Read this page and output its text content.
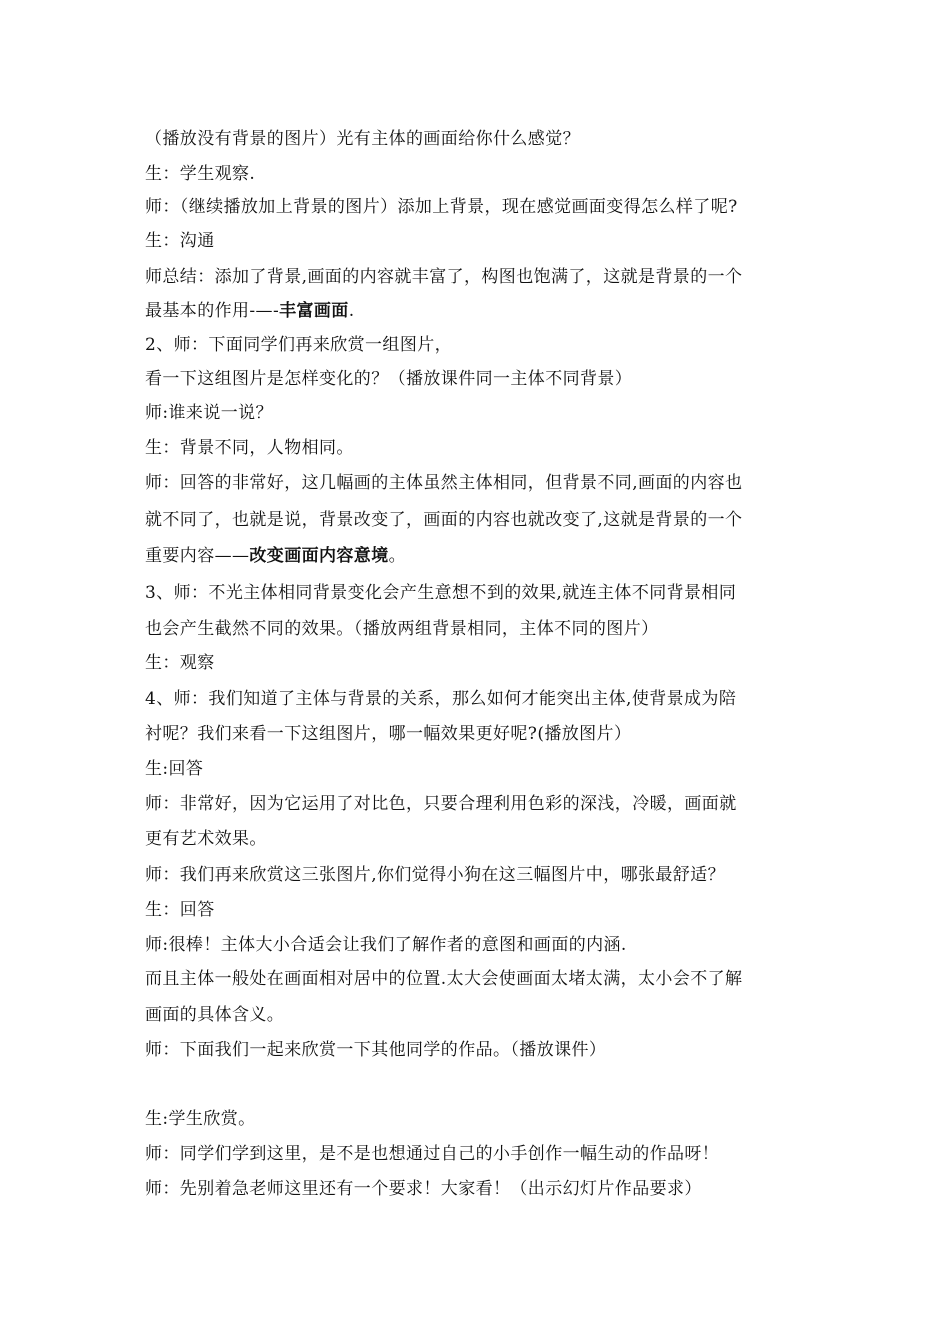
（播放没有背景的图片）光有主体的画面给你什么感觉？
生：学生观察.
师：（继续播放加上背景的图片）添加上背景，现在感觉画面变得怎么样了呢?
生：沟通
师总结：添加了背景,画面的内容就丰富了，构图也饱满了，这就是背景的一个
最基本的作用-—-丰富画面.
2、师：下面同学们再来欣赏一组图片，
看一下这组图片是怎样变化的？（播放课件同一主体不同背景）
师:谁来说一说？
生：背景不同，人物相同。
师：回答的非常好，这几幅画的主体虽然主体相同，但背景不同,画面的内容也
就不同了，也就是说，背景改变了，画面的内容也就改变了,这就是背景的一个
重要内容——改变画面内容意境。
3、师：不光主体相同背景变化会产生意想不到的效果,就连主体不同背景相同
也会产生截然不同的效果。（播放两组背景相同，主体不同的图片）
生：观察
4、师：我们知道了主体与背景的关系，那么如何才能突出主体,使背景成为陪
衬呢？我们来看一下这组图片，哪一幅效果更好呢?(播放图片）
生:回答
师：非常好，因为它运用了对比色，只要合理利用色彩的深浅，冷暖，画面就
更有艺术效果。
师：我们再来欣赏这三张图片,你们觉得小狗在这三幅图片中，哪张最舒适？
生：回答
师:很棒！主体大小合适会让我们了解作者的意图和画面的内涵.
而且主体一般处在画面相对居中的位置.太大会使画面太堵太满，太小会不了解
画面的具体含义。
师：下面我们一起来欣赏一下其他同学的作品。（播放课件）
生:学生欣赏。
师：同学们学到这里，是不是也想通过自己的小手创作一幅生动的作品呀！
师：先别着急老师这里还有一个要求！大家看！（出示幻灯片作品要求）
